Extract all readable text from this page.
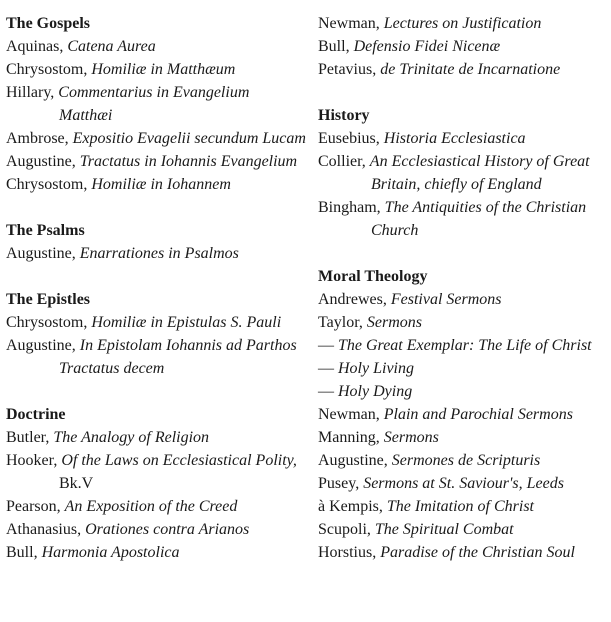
The Gospels
Aquinas, Catena Aurea
Chrysostom, Homiliæ in Matthæum
Hillary, Commentarius in Evangelium Matthæi
Ambrose, Expositio Evagelii secundum Lucam
Augustine, Tractatus in Iohannis Evangelium
Chrysostom, Homiliæ in Iohannem
The Psalms
Augustine, Enarrationes in Psalmos
The Epistles
Chrysostom, Homiliæ in Epistulas S. Pauli
Augustine, In Epistolam Iohannis ad Parthos Tractatus decem
Doctrine
Butler, The Analogy of Religion
Hooker, Of the Laws on Ecclesiastical Polity, Bk.V
Pearson, An Exposition of the Creed
Athanasius, Orationes contra Arianos
Bull, Harmonia Apostolica
Newman, Lectures on Justification
Bull, Defensio Fidei Nicenæ
Petavius, de Trinitate de Incarnatione
History
Eusebius, Historia Ecclesiastica
Collier, An Ecclesiastical History of Great Britain, chiefly of England
Bingham, The Antiquities of the Christian Church
Moral Theology
Andrewes, Festival Sermons
Taylor, Sermons
— The Great Exemplar: The Life of Christ
— Holy Living
— Holy Dying
Newman, Plain and Parochial Sermons
Manning, Sermons
Augustine, Sermones de Scripturis
Pusey, Sermons at St. Saviour's, Leeds
à Kempis, The Imitation of Christ
Scupoli, The Spiritual Combat
Horstius, Paradise of the Christian Soul
